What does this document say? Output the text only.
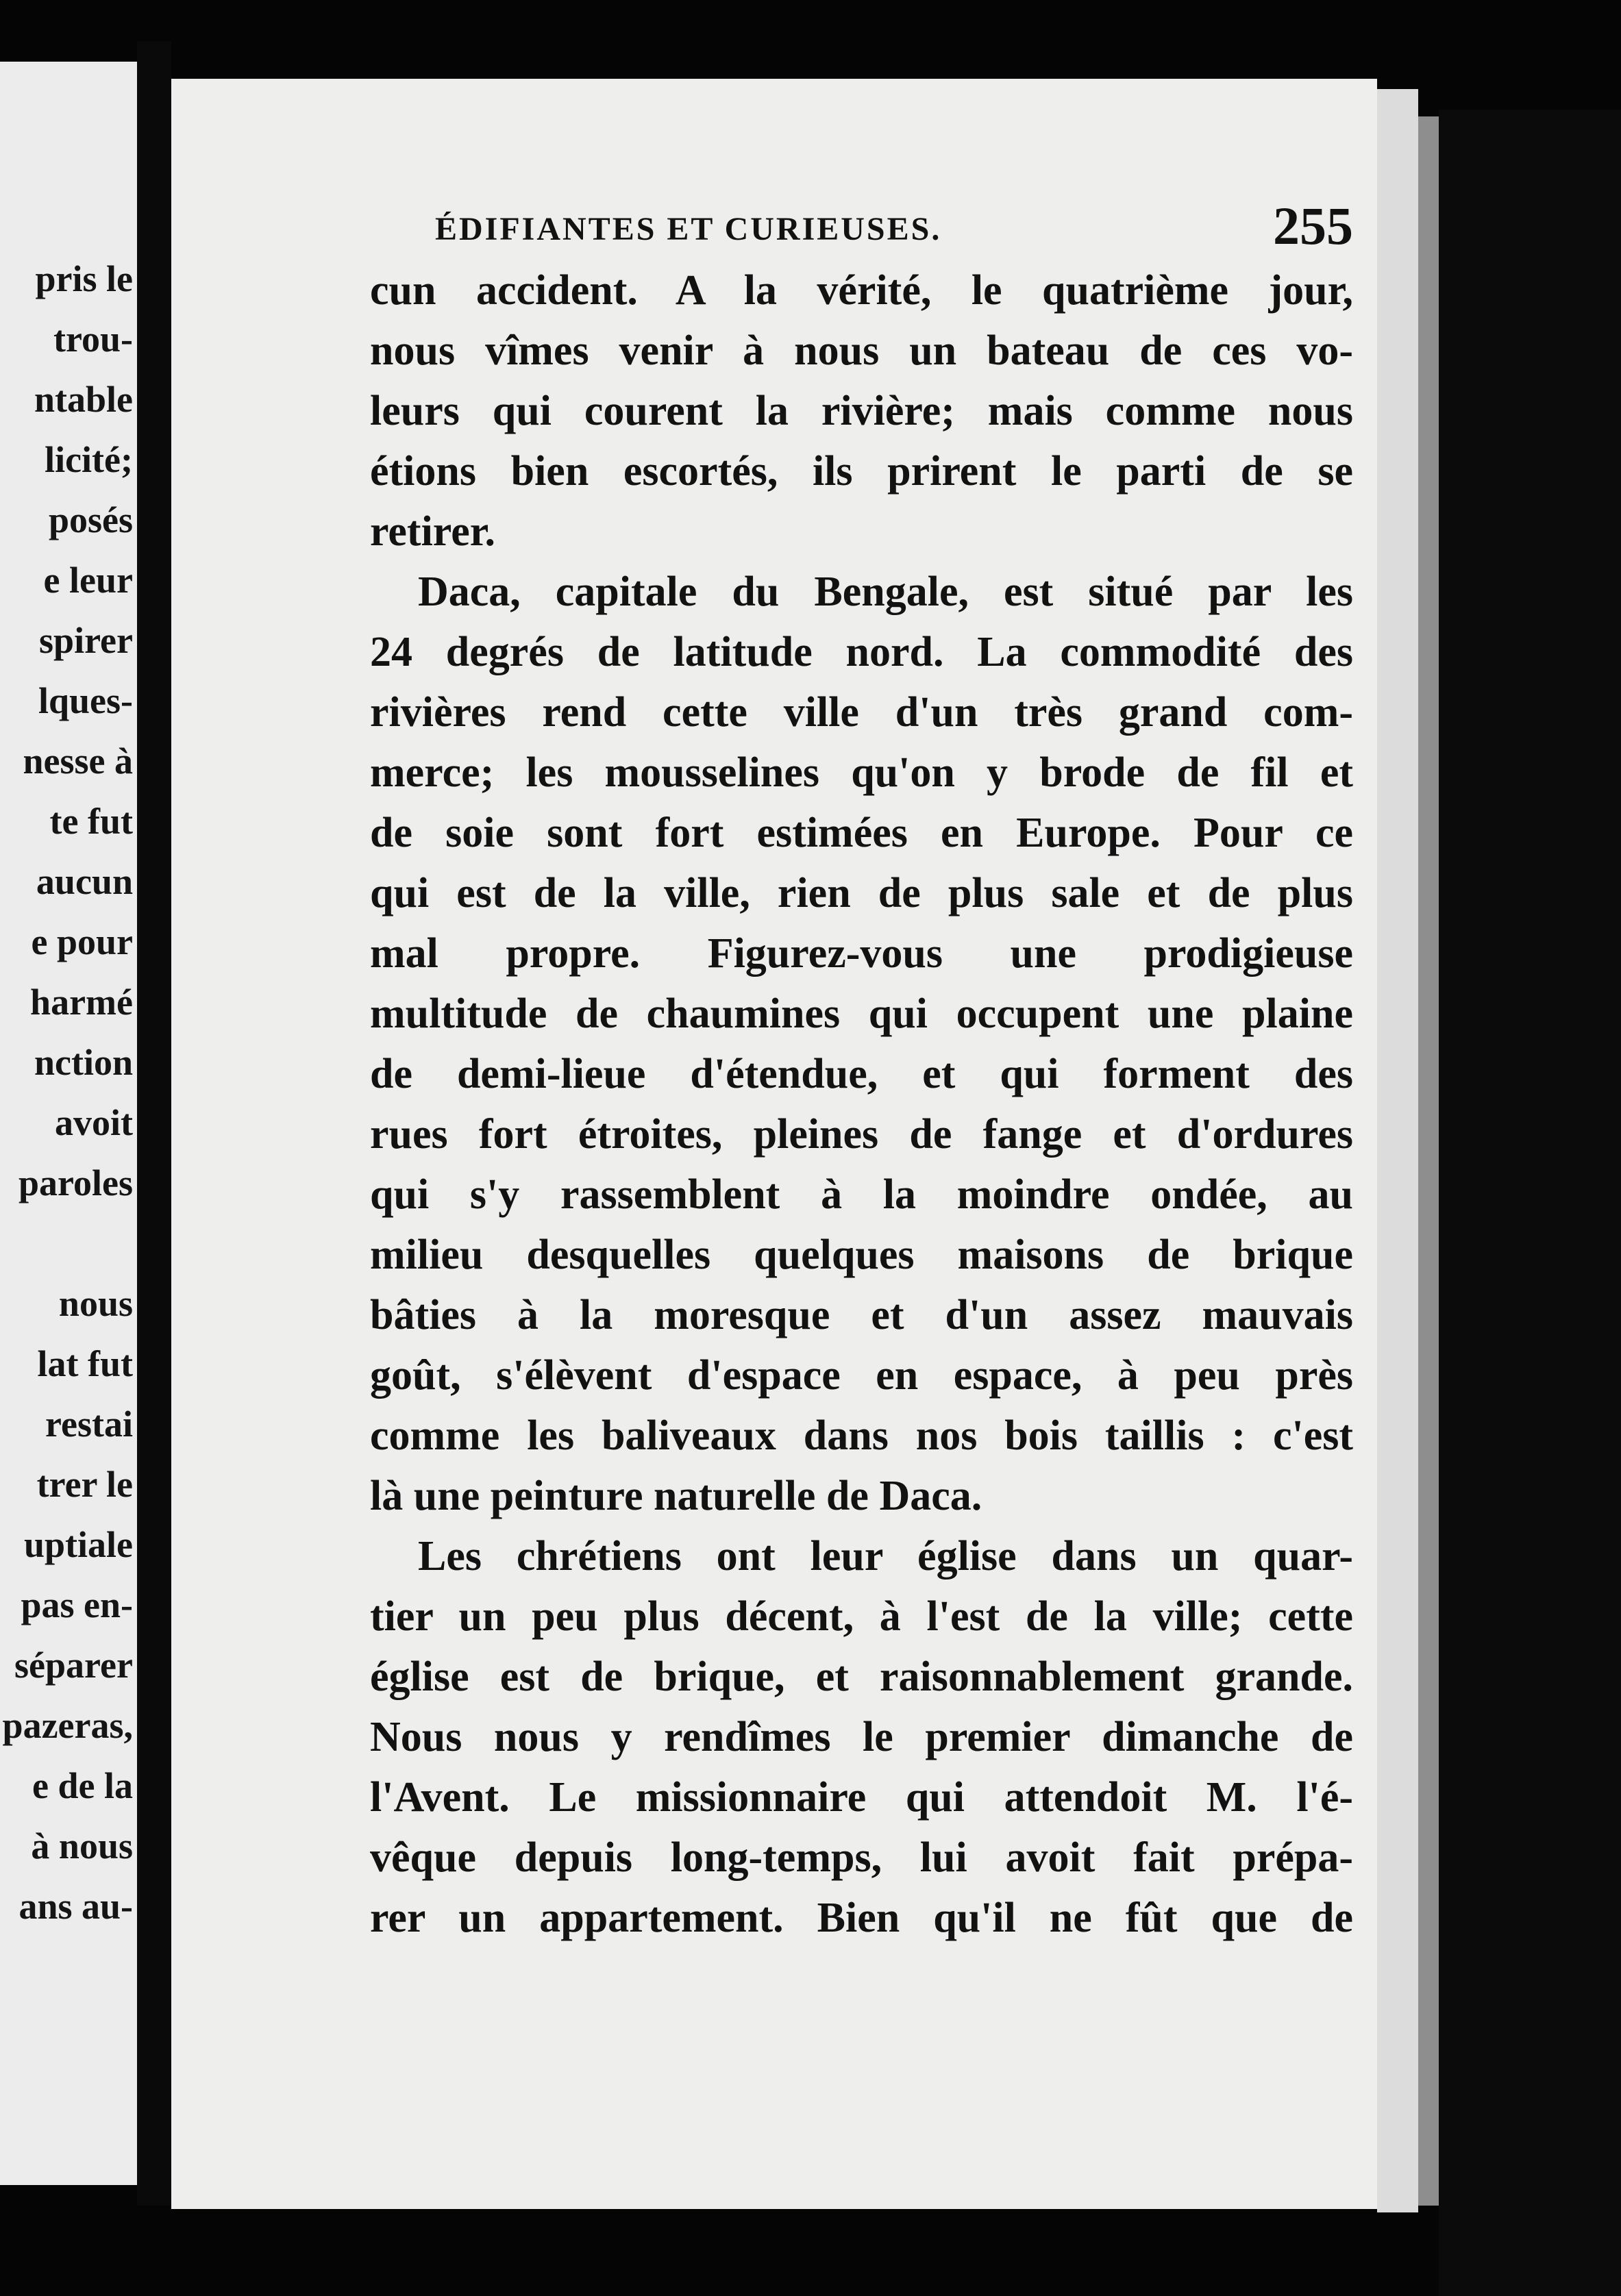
pris le
trou-
ntable
licité;
posés
e leur
spirer
lques-
nesse à
te fut
aucun
e pour
harmé
nction
avoit
paroles
nous
lat fut
restai
trer le
uptiale
pas en-
séparer
pazeras,
e de la
à nous
ans au-
ÉDIFIANTES ET CURIEUSES.	255
cun accident. A la vérité, le quatrième jour,
nous vîmes venir à nous un bateau de ces vo-
leurs qui courent la rivière; mais comme nous
étions bien escortés, ils prirent le parti de se
retirer.
Daca, capitale du Bengale, est situé par les
24 degrés de latitude nord. La commodité des
rivières rend cette ville d'un très grand com-
merce; les mousselines qu'on y brode de fil et
de soie sont fort estimées en Europe. Pour ce
qui est de la ville, rien de plus sale et de plus
mal propre. Figurez-vous une prodigieuse
multitude de chaumines qui occupent une plaine
de demi-lieue d'étendue, et qui forment des
rues fort étroites, pleines de fange et d'ordures
qui s'y rassemblent à la moindre ondée, au
milieu desquelles quelques maisons de brique
bâties à la moresque et d'un assez mauvais
goût, s'élèvent d'espace en espace, à peu près
comme les baliveaux dans nos bois taillis : c'est
là une peinture naturelle de Daca.
Les chrétiens ont leur église dans un quar-
tier un peu plus décent, à l'est de la ville; cette
église est de brique, et raisonnablement grande.
Nous nous y rendîmes le premier dimanche de
l'Avent. Le missionnaire qui attendoit M. l'é-
vêque depuis long-temps, lui avoit fait prépa-
rer un appartement. Bien qu'il ne fût que de
